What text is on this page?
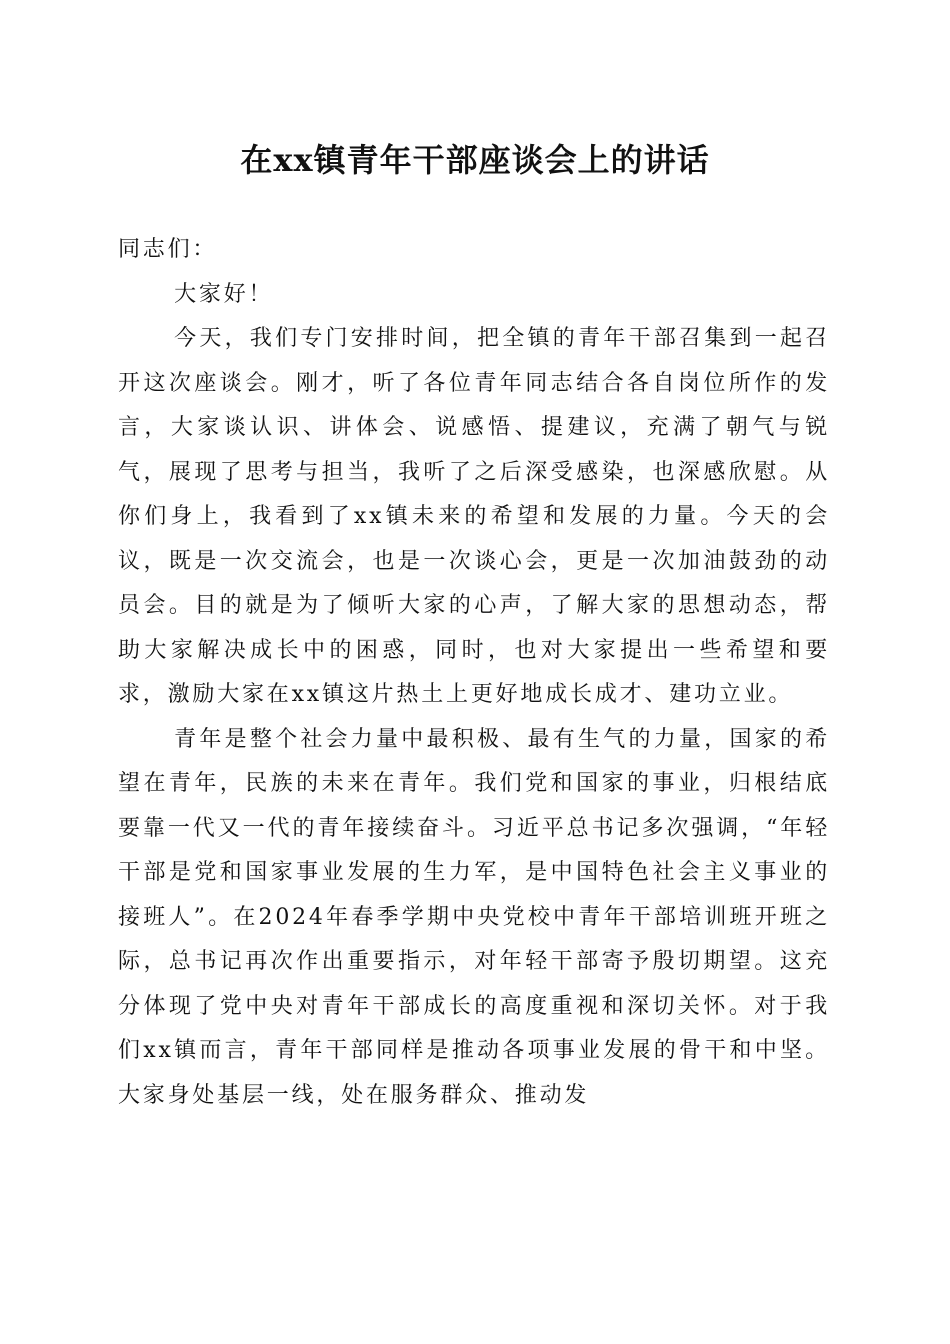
在xx镇青年干部座谈会上的讲话

同志们：

大家好！

今天，我们专门安排时间，把全镇的青年干部召集到一起召开这次座谈会。刚才，听了各位青年同志结合各自岗位所作的发言，大家谈认识、讲体会、说感悟、提建议，充满了朝气与锐气，展现了思考与担当，我听了之后深受感染，也深感欣慰。从你们身上，我看到了xx镇未来的希望和发展的力量。今天的会议，既是一次交流会，也是一次谈心会，更是一次加油鼓劲的动员会。目的就是为了倾听大家的心声，了解大家的思想动态，帮助大家解决成长中的困惑，同时，也对大家提出一些希望和要求，激励大家在xx镇这片热土上更好地成长成才、建功立业。

青年是整个社会力量中最积极、最有生气的力量，国家的希望在青年，民族的未来在青年。我们党和国家的事业，归根结底要靠一代又一代的青年接续奋斗。习近平总书记多次强调，“年轻干部是党和国家事业发展的生力军，是中国特色社会主义事业的接班人”。在2024年春季学期中央党校中青年干部培训班开班之际，总书记再次作出重要指示，对年轻干部寄予殷切期望。这充分体现了党中央对青年干部成长的高度重视和深切关怀。对于我们xx镇而言，青年干部同样是推动各项事业发展的骨干和中坚。大家身处基层一线，处在服务群众、推动发
